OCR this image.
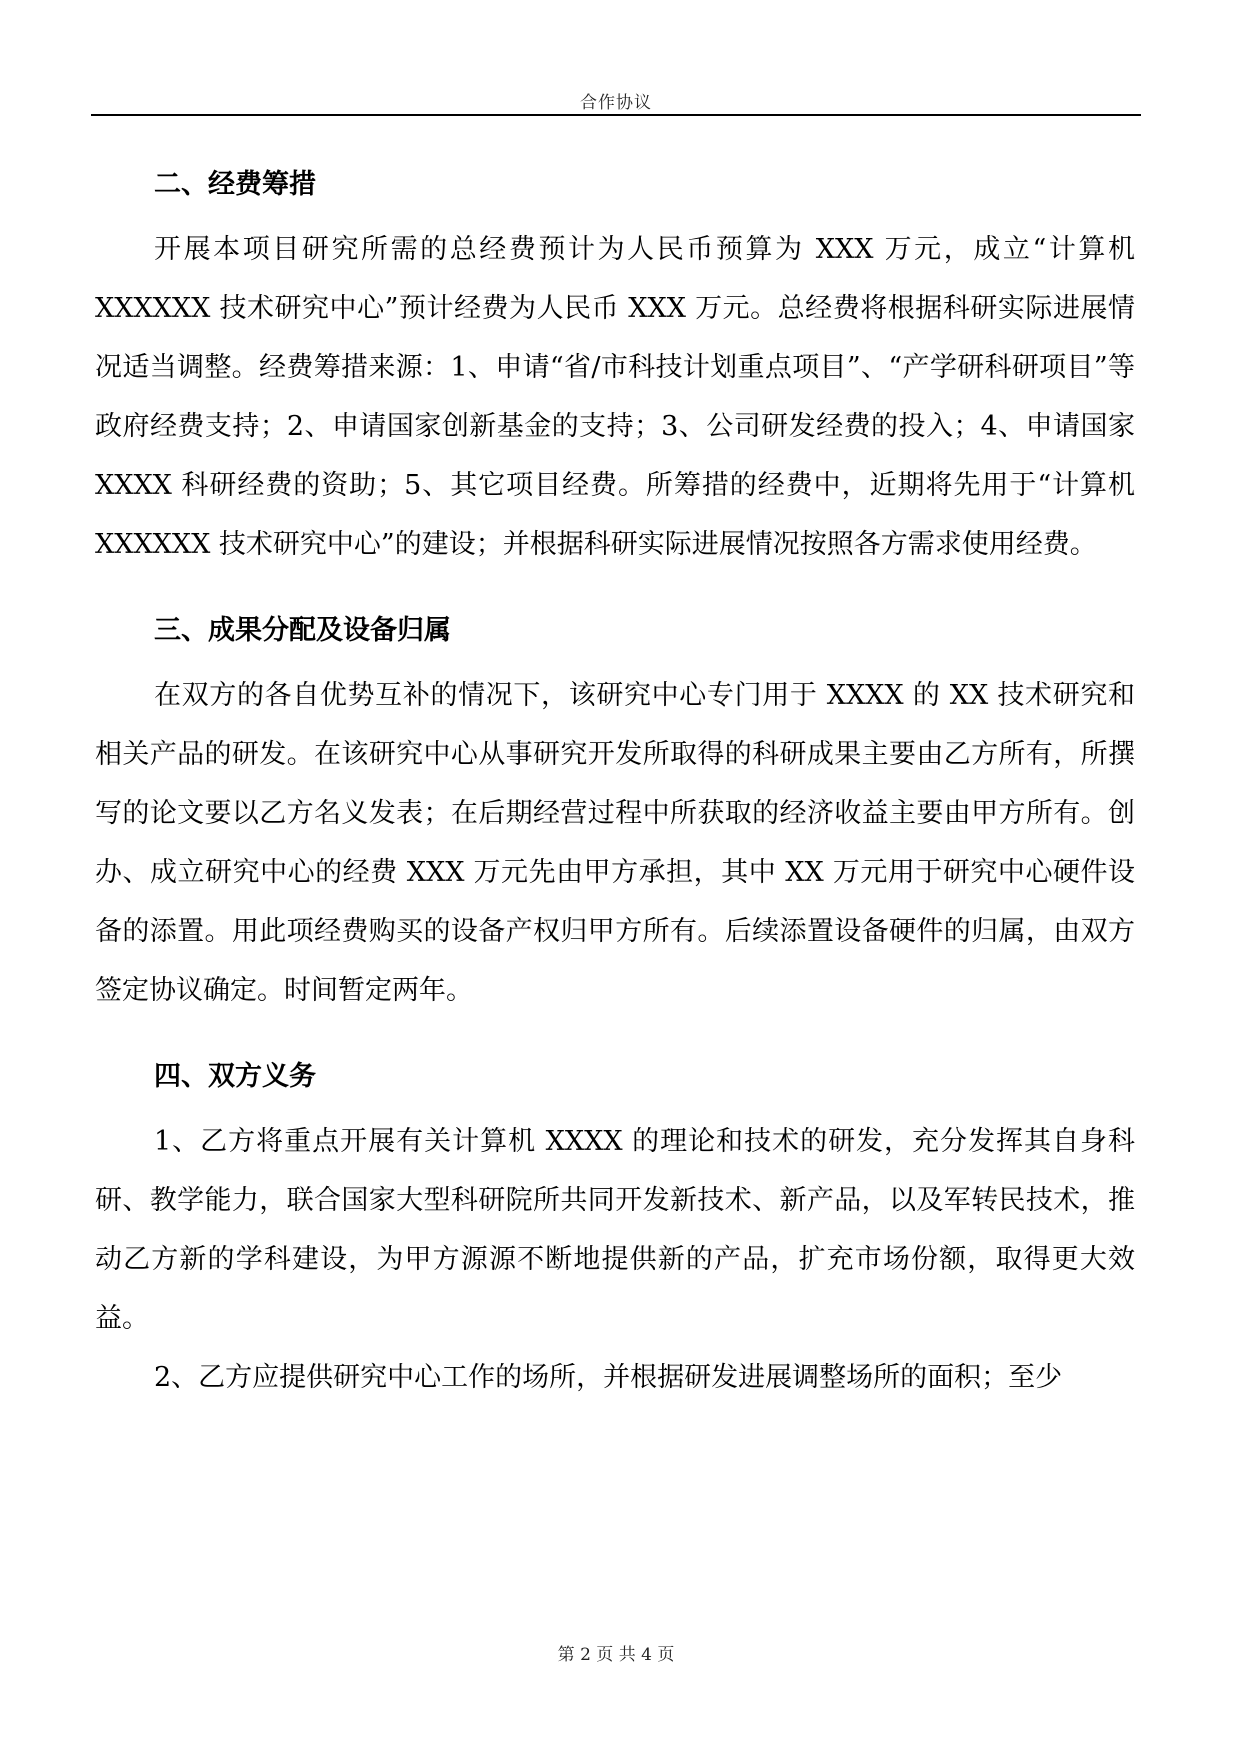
合作协议
二、经费筹措

开展本项目研究所需的总经费预计为人民币预算为 XXX 万元，成立“计算机 XXXXXX 技术研究中心”预计经费为人民币 XXX 万元。总经费将根据科研实际进展情况适当调整。经费筹措来源：1、申请“省/市科技计划重点项目”、“产学研科研项目”等政府经费支持；2、申请国家创新基金的支持；3、公司研发经费的投入；4、申请国家 XXXX 科研经费的资助；5、其它项目经费。所筹措的经费中，近期将先用于“计算机 XXXXXX 技术研究中心”的建设；并根据科研实际进展情况按照各方需求使用经费。

三、成果分配及设备归属

在双方的各自优势互补的情况下，该研究中心专门用于 XXXX 的 XX 技术研究和相关产品的研发。在该研究中心从事研究开发所取得的科研成果主要由乙方所有，所撰写的论文要以乙方名义发表；在后期经营过程中所获取的经济收益主要由甲方所有。创办、成立研究中心的经费 XXX 万元先由甲方承担，其中 XX 万元用于研究中心硬件设备的添置。用此项经费购买的设备产权归甲方所有。后续添置设备硬件的归属，由双方签定协议确定。时间暂定两年。

四、双方义务

1、乙方将重点开展有关计算机 XXXX 的理论和技术的研发，充分发挥其自身科研、教学能力，联合国家大型科研院所共同开发新技术、新产品，以及军转民技术，推动乙方新的学科建设，为甲方源源不断地提供新的产品，扩充市场份额，取得更大效益。

2、乙方应提供研究中心工作的场所，并根据研发进展调整场所的面积；至少

第 2 页 共 4 页
